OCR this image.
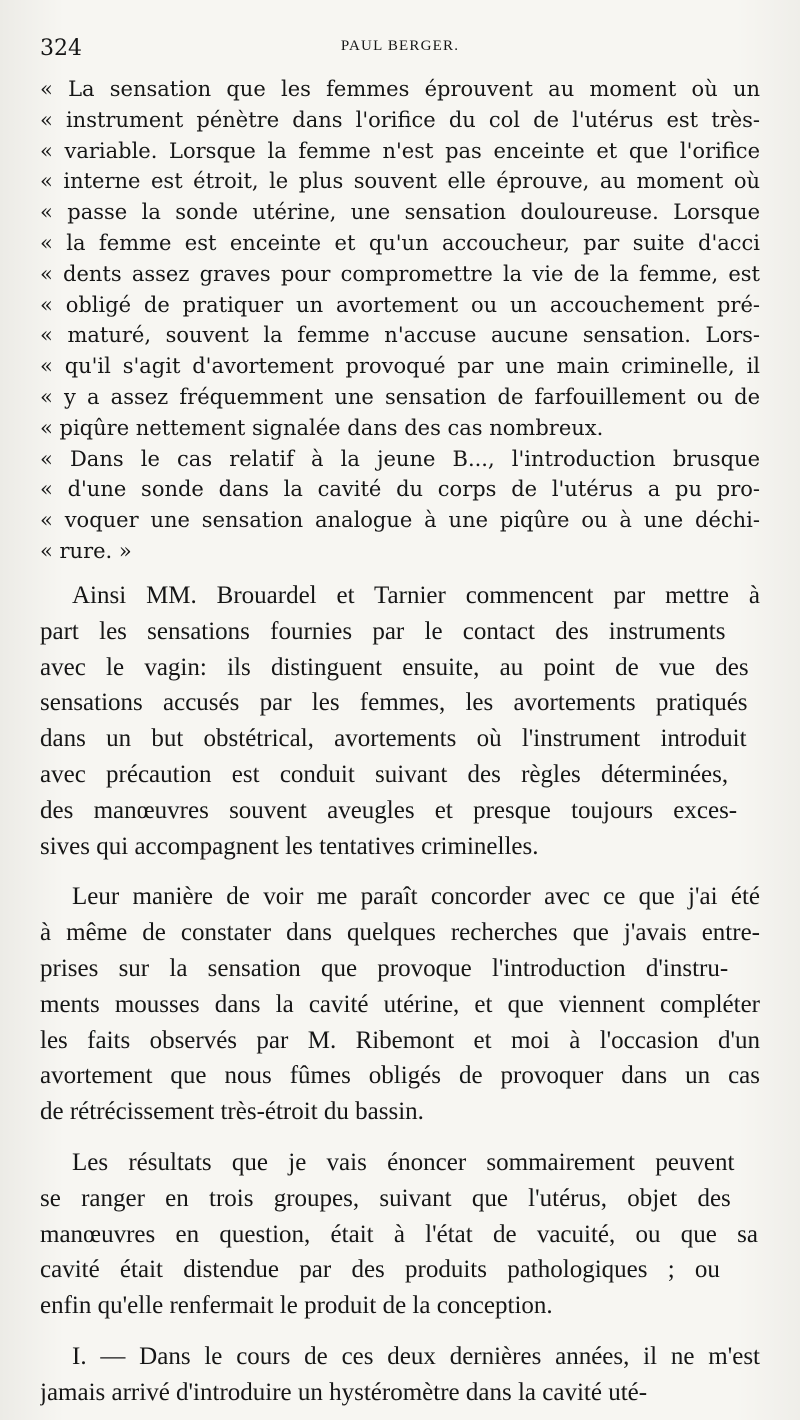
324	PAUL BERGER.
« La sensation que les femmes éprouvent au moment où un
« instrument pénètre dans l'orifice du col de l'utérus est très-
« variable. Lorsque la femme n'est pas enceinte et que l'orifice
« interne est étroit, le plus souvent elle éprouve, au moment où
« passe la sonde utérine, une sensation douloureuse. Lorsque
« la femme est enceinte et qu'un accoucheur, par suite d'acci
« dents assez graves pour compromettre la vie de la femme, est
« obligé de pratiquer un avortement ou un accouchement pré-
« maturé, souvent la femme n'accuse aucune sensation. Lors-
« qu'il s'agit d'avortement provoqué par une main criminelle, il
« y a assez fréquemment une sensation de farfouillement ou de
« piqûre nettement signalée dans des cas nombreux.
« Dans le cas relatif à la jeune B..., l'introduction brusque
« d'une sonde dans la cavité du corps de l'utérus a pu pro-
« voquer une sensation analogue à une piqûre ou à une déchi-
« rure. »
Ainsi MM. Brouardel et Tarnier commencent par mettre à
part les sensations fournies par le contact des instruments
avec le vagin: ils distinguent ensuite, au point de vue des
sensations accusés par les femmes, les avortements pratiqués
dans un but obstétrical, avortements où l'instrument introduit
avec précaution est conduit suivant des règles déterminées,
des manœuvres souvent aveugles et presque toujours exces-
sives qui accompagnent les tentatives criminelles.
Leur manière de voir me paraît concorder avec ce que j'ai été
à même de constater dans quelques recherches que j'avais entre-
prises sur la sensation que provoque l'introduction d'instru-
ments mousses dans la cavité utérine, et que viennent compléter
les faits observés par M. Ribemont et moi à l'occasion d'un
avortement que nous fûmes obligés de provoquer dans un cas
de rétrécissement très-étroit du bassin.
Les résultats que je vais énoncer sommairement peuvent
se ranger en trois groupes, suivant que l'utérus, objet des
manœuvres en question, était à l'état de vacuité, ou que sa
cavité était distendue par des produits pathologiques ; ou
enfin qu'elle renfermait le produit de la conception.
I. — Dans le cours de ces deux dernières années, il ne m'est
jamais arrivé d'introduire un hystéromètre dans la cavité uté-
